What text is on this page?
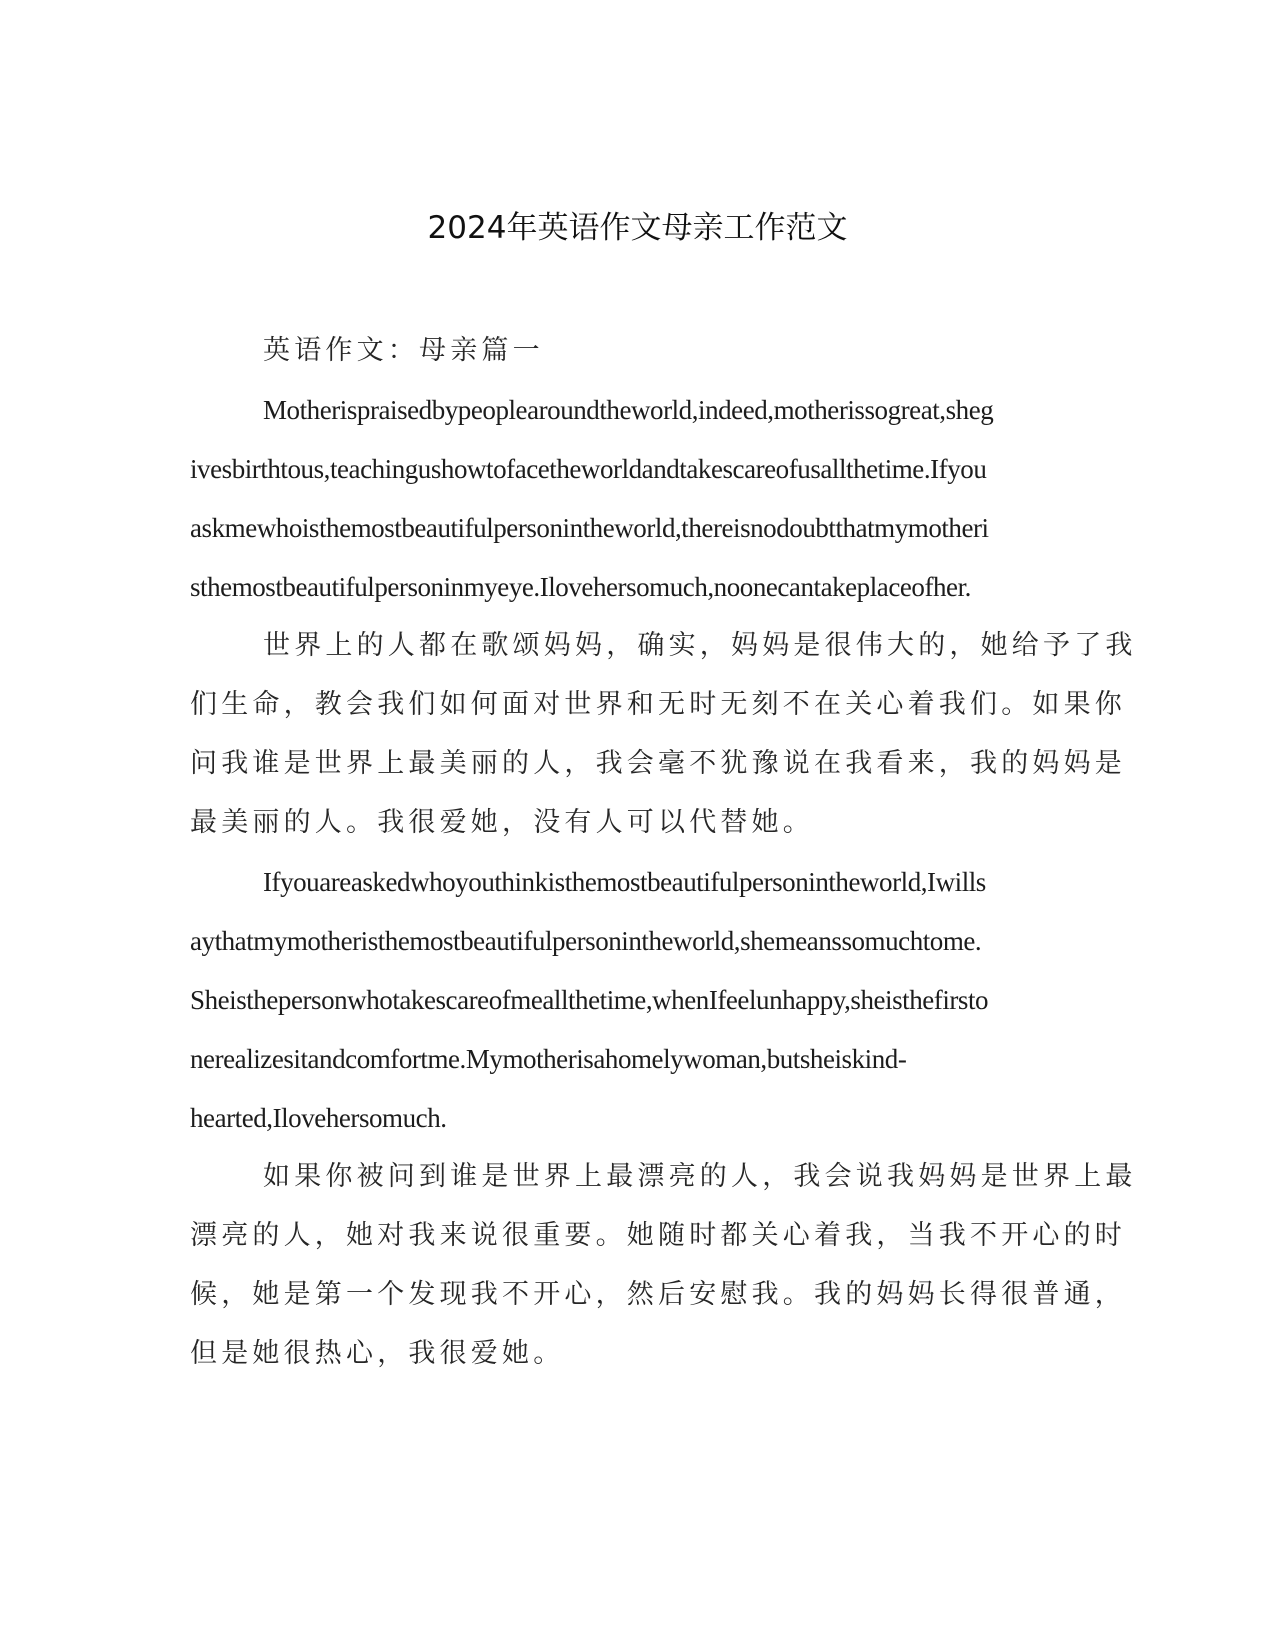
2024年英语作文母亲工作范文
英语作文：母亲篇一
Motherispraisedbypeoplearoundtheworld,indeed,motherissogreat,sheg
ivesbirthtous,teachingushowtofacetheworldandtakescareofusallthetime.Ifyou
askmewhoisthemostbeautifulpersonintheworld,thereisnodoubtthatmymotheri
sthemostbeautifulpersoninmyeye.Ilovehersomuch,noonecantakeplaceofher.
世界上的人都在歌颂妈妈，确实，妈妈是很伟大的，她给予了我
们生命，教会我们如何面对世界和无时无刻不在关心着我们。如果你
问我谁是世界上最美丽的人，我会毫不犹豫说在我看来，我的妈妈是
最美丽的人。我很爱她，没有人可以代替她。
Ifyouareaskedwhoyouthinkisthemostbeautifulpersonintheworld,Iwills
aythatmymotheristhemostbeautifulpersonintheworld,shemeanssomuchtome.
Sheisthepersonwhotakescareofmeallthetime,whenIfeelunhappy,sheisthefirsto
nerealizesitandcomfortme.Mymotherisahomelywoman,butsheiskind-
hearted,Ilovehersomuch.
如果你被问到谁是世界上最漂亮的人，我会说我妈妈是世界上最
漂亮的人，她对我来说很重要。她随时都关心着我，当我不开心的时
候，她是第一个发现我不开心，然后安慰我。我的妈妈长得很普通，
但是她很热心，我很爱她。
